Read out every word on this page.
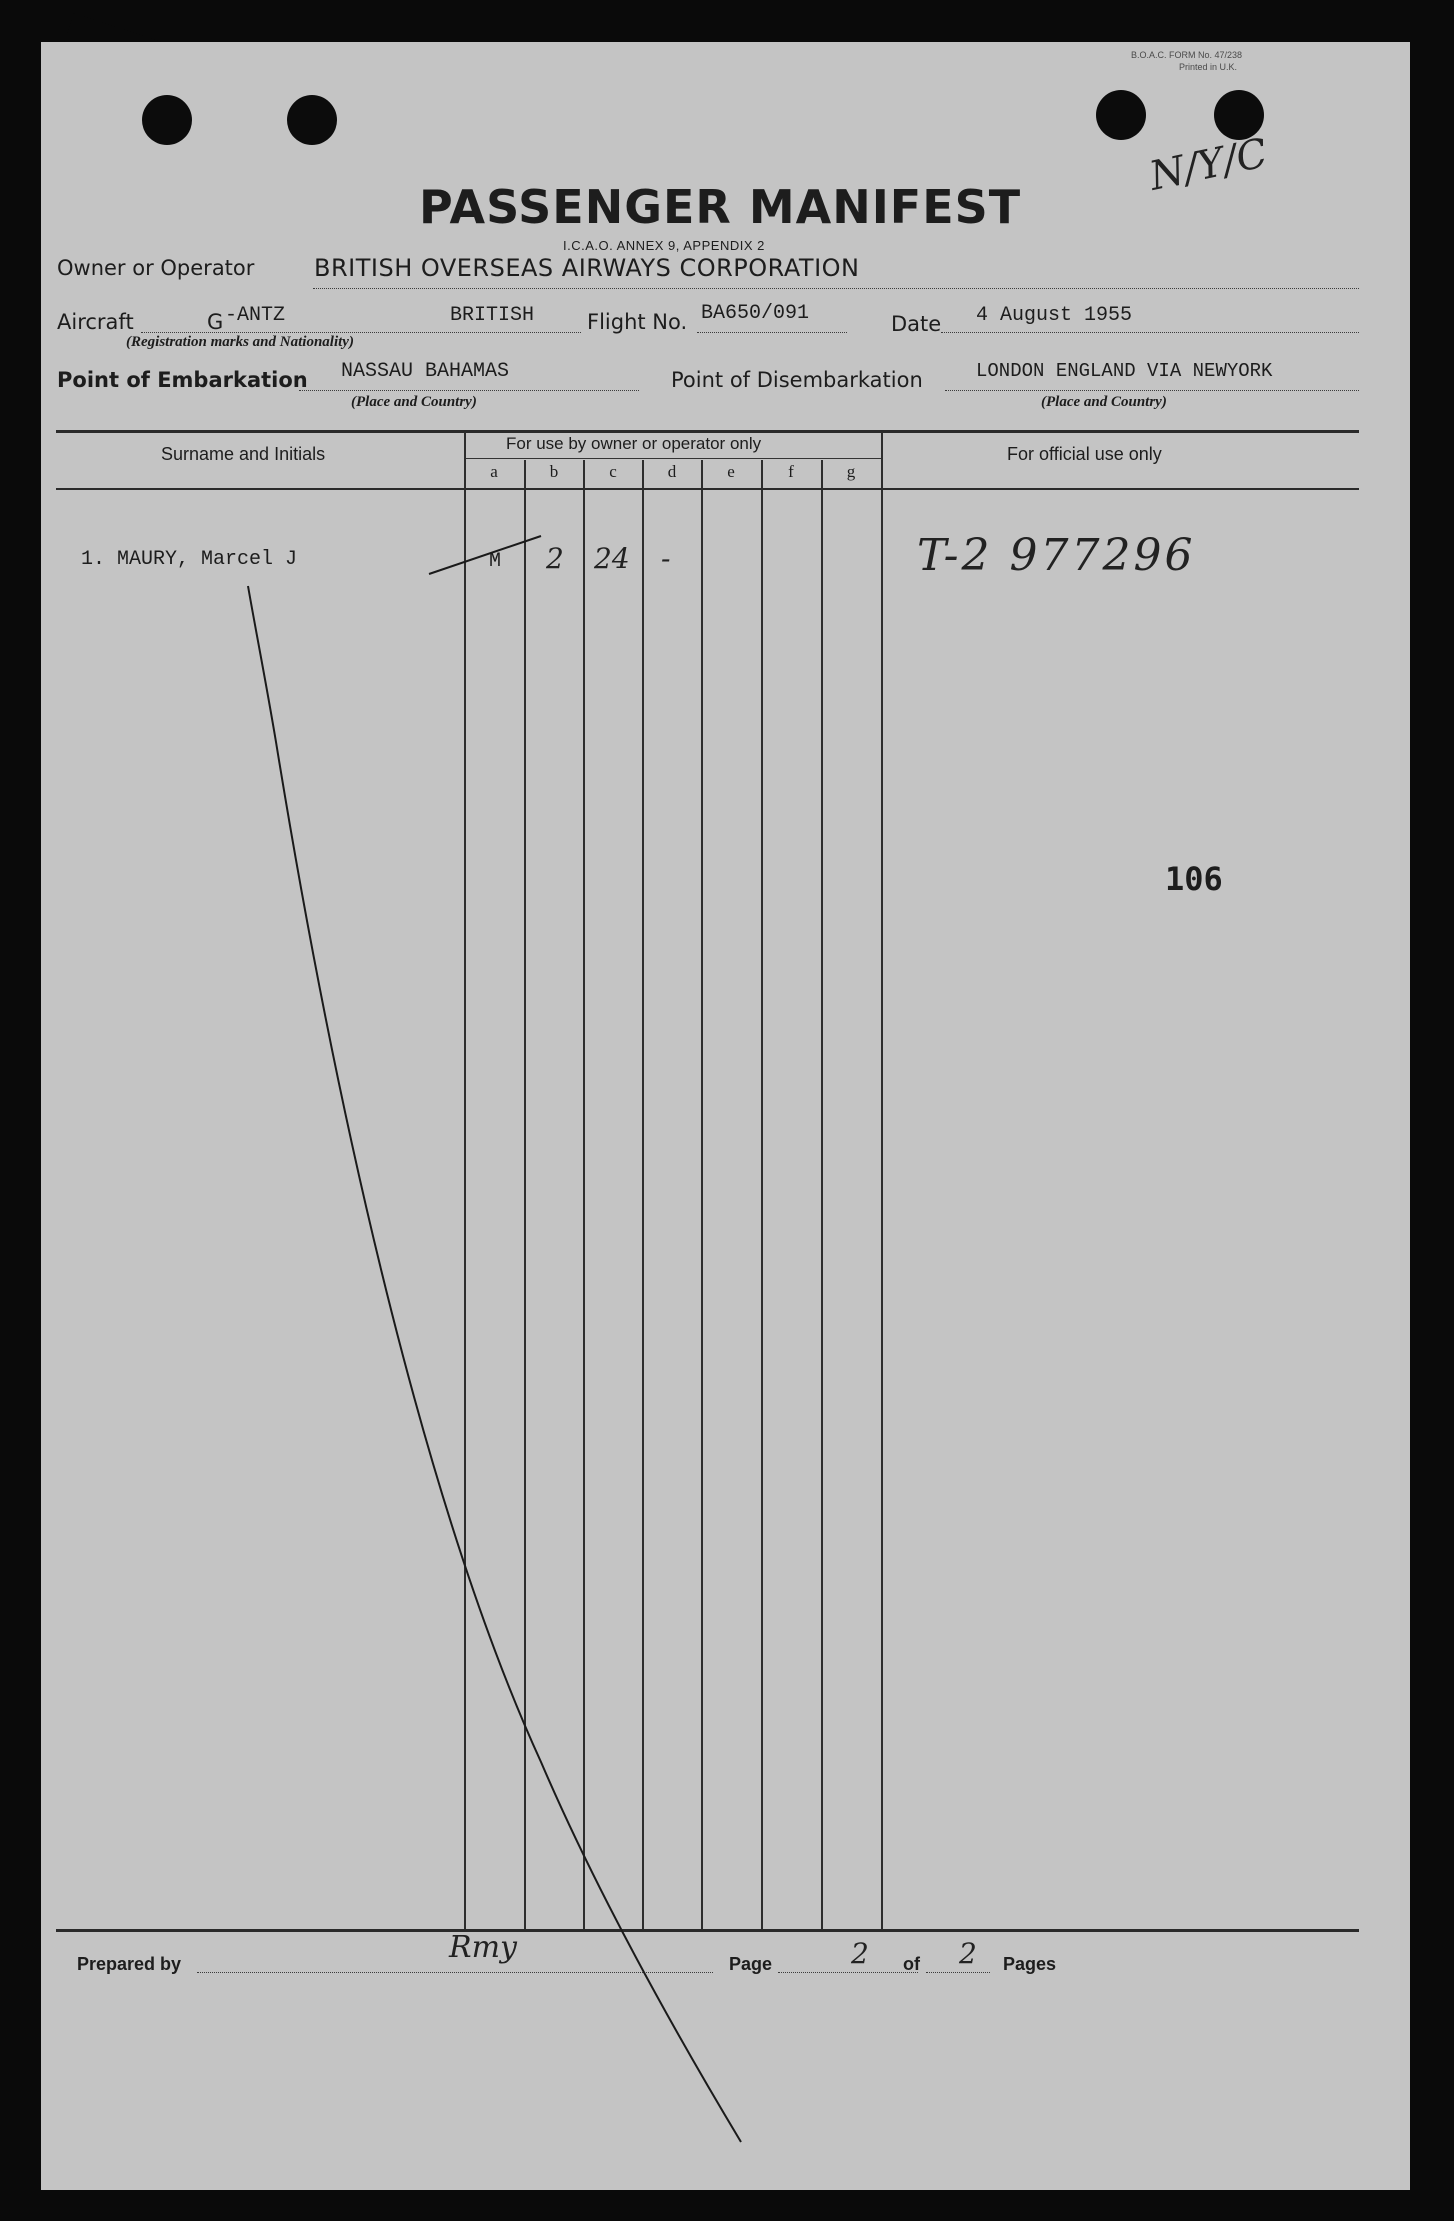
B.O.A.C. FORM No. 47/238
Printed in U.K.
N/Y/C
PASSENGER MANIFEST
I.C.A.O. ANNEX 9, APPENDIX 2
Owner or Operator BRITISH OVERSEAS AIRWAYS CORPORATION
Aircraft	G -ANTZ	BRITISH
(Registration marks and Nationality)
Flight No. BA650/091	Date 4 August 1955
Point of Embarkation NASSAU BAHAMAS
(Place and Country)
Point of Disembarkation	LONDON ENGLAND VIA NEWYORK
(Place and Country)
Surname and Initials
For use by owner or operator only
For official use only
a	b	c	d	e	f	g
1. MAURY, Marcel J	M 2 24 -	T-2 977296
106
Prepared by	Rmy	Page	2 of 2 Pages
